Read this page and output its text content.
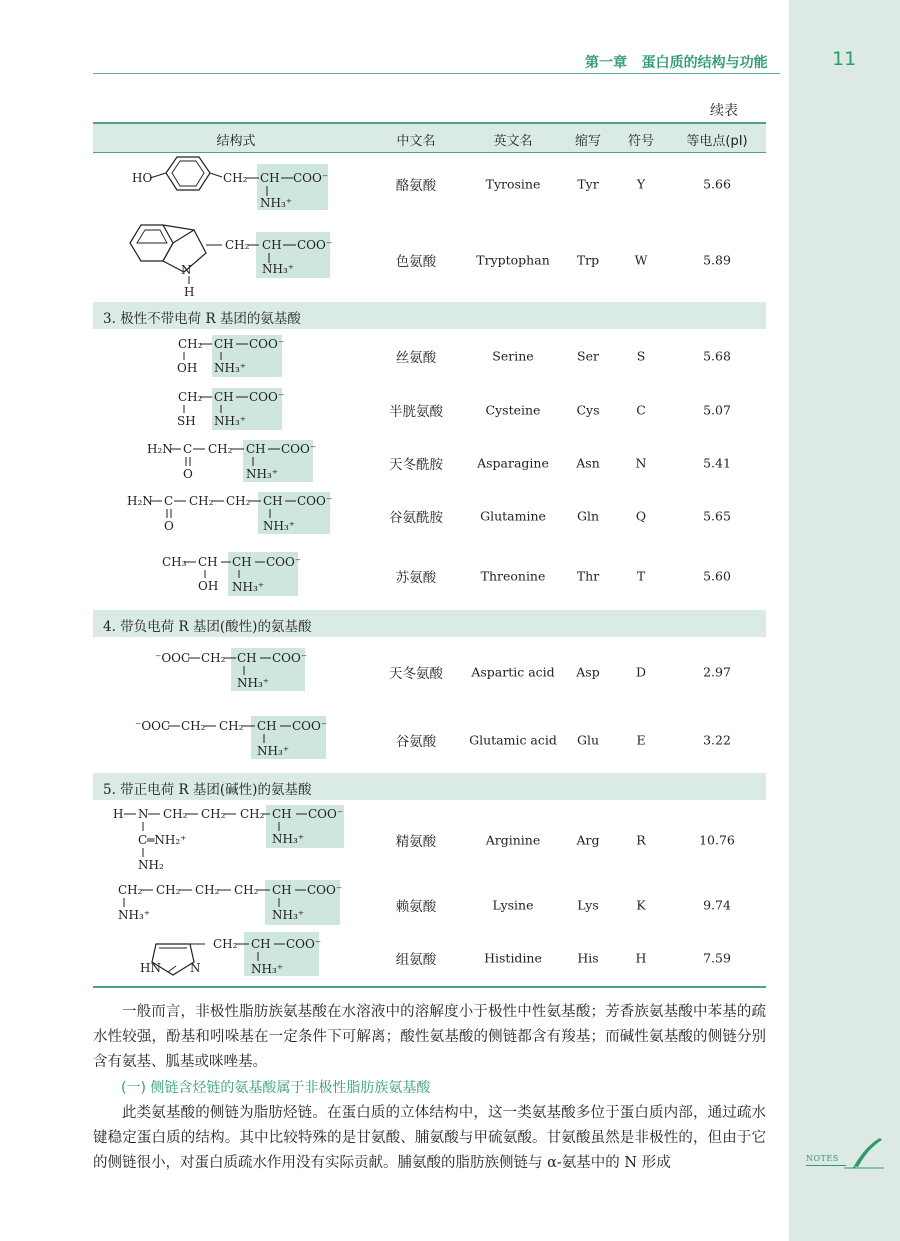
第一章 蛋白质的结构与功能	11
续表
结构式	中文名	英文名	缩写 符号 等电点(pI)
酪氨酸	Tyrosine	Tyr	Y	5.66
色氨酸	Tryptophan Trp	W	5.89
3. 极性不带电荷 R 基团的氨基酸
丝氨酸	Serine	Ser	S	5.68
半胱氨酸	Cysteine	Cys	C	5.07
天冬酰胺	Asparagine Asn	N	5.41
谷氨酰胺	Glutamine Gln	Q	5.65
苏氨酸	Threonine	Thr	T	5.60
4. 带负电荷 R 基团(酸性)的氨基酸
天冬氨酸 Aspartic acid Asp	D	2.97
谷氨酸	Glutamic acid Glu	E	3.22
5. 带正电荷 R 基团(碱性)的氨基酸
精氨酸	Arginine	Arg	R	10.76
赖氨酸	Lysine	Lys	K	9.74
组氨酸	Histidine	His	H	7.59
HO	CH₂ CH COO⁻
NH₃⁺
N
H
CH₂ CH COO⁻
NH₃⁺
CH₂ CH COO⁻
OH NH₃⁺
CH₂ CH COO⁻
SH NH₃⁺
H₂N C CH₂ CH COO⁻
O	NH₃⁺
H₂N C CH₂ CH₂ CH COO⁻
O	NH₃⁺
CH₃ CH CH COO⁻
OH NH₃⁺
⁻OOC CH₂ CH COO⁻
NH₃⁺
⁻OOC CH₂ CH₂ CH COO⁻
NH₃⁺
H N CH₂ CH₂ CH₂ CH COO⁻
C═NH₂⁺
NH₂
NH₃⁺
CH₂ CH₂ CH₂ CH₂ CH COO⁻
NH₃⁺	NH₃⁺
HN N
CH₂ CH COO⁻
NH₃⁺
一般而言，非极性脂肪族氨基酸在水溶液中的溶解度小于极性中性氨基酸；芳香族氨基酸中苯基的疏水性较强，酚基和吲哚基在一定条件下可解离；酸性氨基酸的侧链都含有羧基；而碱性氨基酸的侧链分别含有氨基、胍基或咪唑基。
(一) 侧链含烃链的氨基酸属于非极性脂肪族氨基酸
此类氨基酸的侧链为脂肪烃链。在蛋白质的立体结构中，这一类氨基酸多位于蛋白质内部，通过疏水键稳定蛋白质的结构。其中比较特殊的是甘氨酸、脯氨酸与甲硫氨酸。甘氨酸虽然是非极性的，但由于它的侧链很小，对蛋白质疏水作用没有实际贡献。脯氨酸的脂肪族侧链与 α-氨基中的 N 形成	NOTES
